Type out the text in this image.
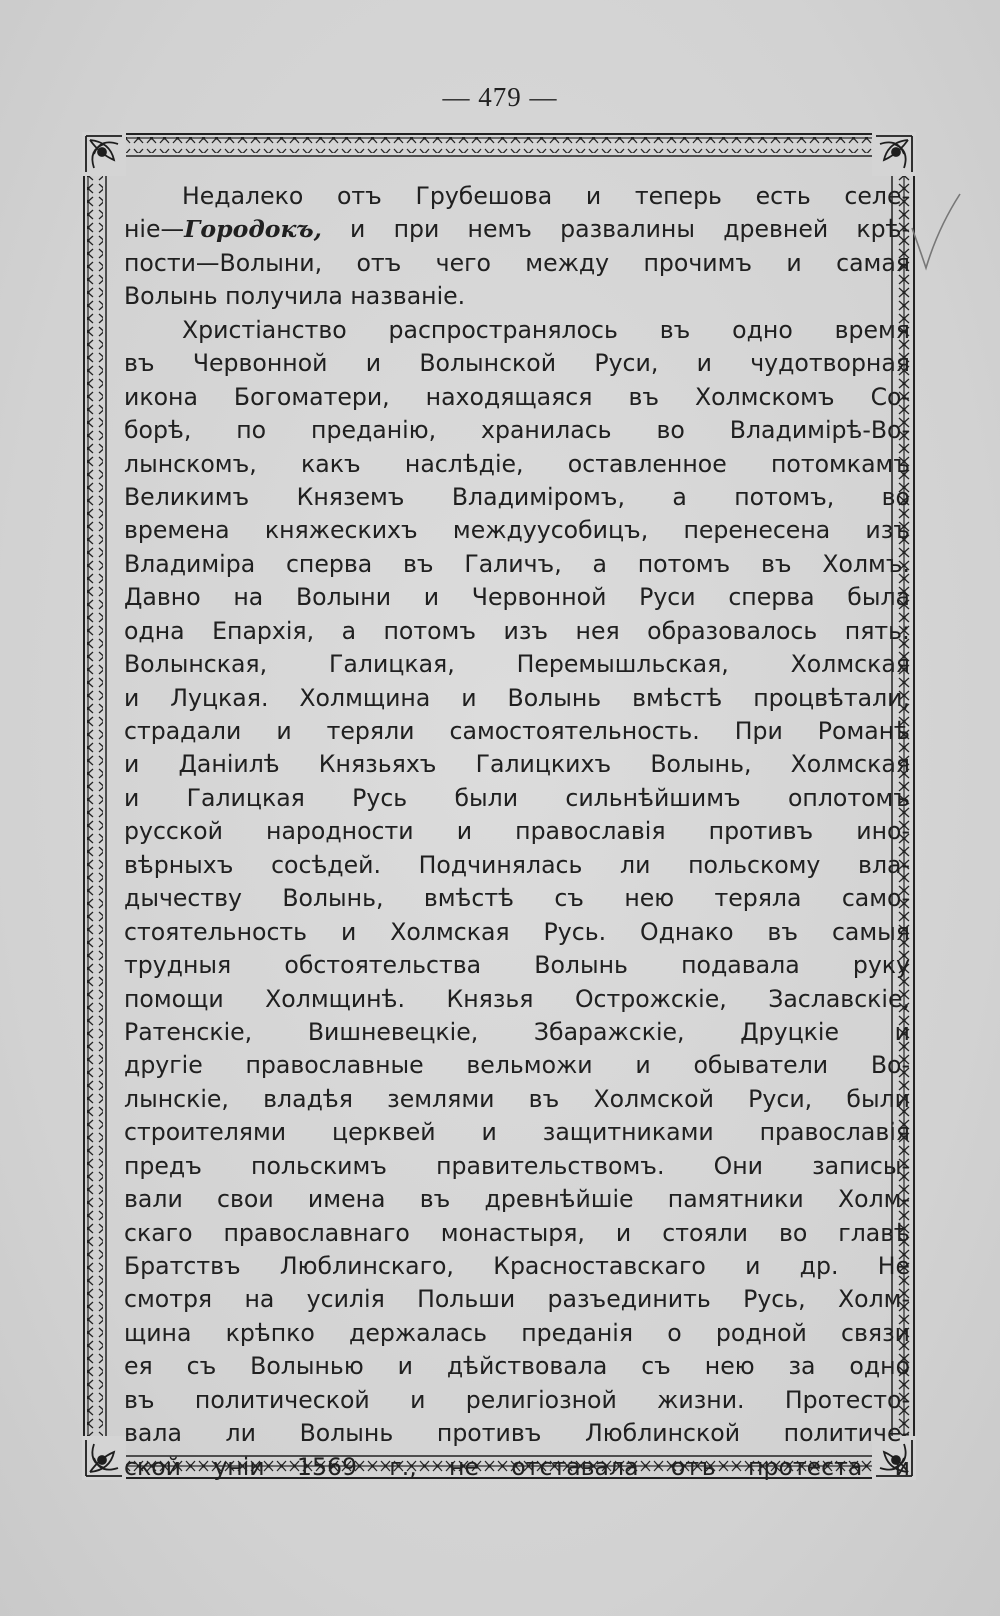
— 479 —
Недалеко отъ Грубешова и теперь есть селе-
ніе—Городокъ, и при немъ развалины древней крѣ-
пости—Волыни, отъ чего между прочимъ и самая
Волынь получила названіе.
Христіанство распространялось въ одно время
въ Червонной и Волынской Руси, и чудотворная
икона Богоматери, находящаяся въ Холмскомъ Со-
борѣ, по преданію, хранилась во Владимірѣ-Во-
лынскомъ, какъ наслѣдіе, оставленное потомкамъ
Великимъ Княземъ Владиміромъ, а потомъ, во
времена княжескихъ междуусобицъ, перенесена изъ
Владиміра сперва въ Галичъ, а потомъ въ Холмъ.
Давно на Волыни и Червонной Руси сперва была
одна Епархія, а потомъ изъ нея образовалось пять:
Волынская, Галицкая, Перемышльская, Холмская
и Луцкая. Холмщина и Волынь вмѣстѣ процвѣтали,
страдали и теряли самостоятельность. При Романѣ
и Даніилѣ Князьяхъ Галицкихъ Волынь, Холмская
и Галицкая Русь были сильнѣйшимъ оплотомъ
русской народности и православія противъ ино-
вѣрныхъ сосѣдей. Подчинялась ли польскому вла-
дычеству Волынь, вмѣстѣ съ нею теряла само-
стоятельность и Холмская Русь. Однако въ самыя
трудныя обстоятельства Волынь подавала руку
помощи Холмщинѣ. Князья Острожскіе, Заславскіе,
Ратенскіе, Вишневецкіе, Збаражскіе, Друцкіе и
другіе православные вельможи и обыватели Во-
лынскіе, владѣя землями въ Холмской Руси, были
строителями церквей и защитниками православія
предъ польскимъ правительствомъ. Они записы-
вали свои имена въ древнѣйшіе памятники Холм-
скаго православнаго монастыря, и стояли во главѣ
Братствъ Люблинскаго, Красноставскаго и др. Не
смотря на усилія Польши разъединить Русь, Холм-
щина крѣпко держалась преданія о родной связи
ея съ Волынью и дѣйствовала съ нею за одно
въ политической и религіозной жизни. Протесто-
вала ли Волынь противъ Люблинской политиче-
ской уніи 1569 г., не отставала отъ протеста и
